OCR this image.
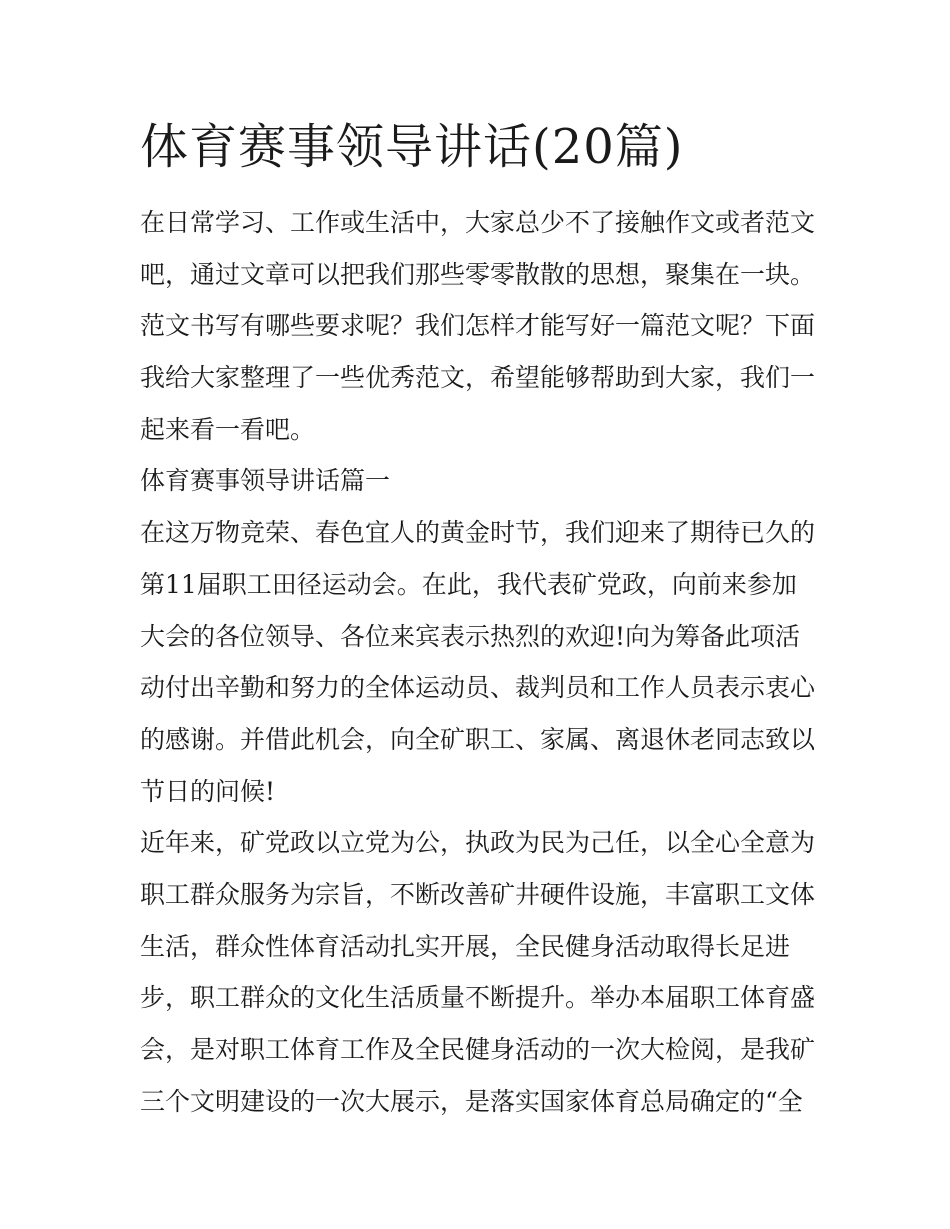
体育赛事领导讲话(20篇)
在日常学习、工作或生活中，大家总少不了接触作文或者范文
吧，通过文章可以把我们那些零零散散的思想，聚集在一块。
范文书写有哪些要求呢？我们怎样才能写好一篇范文呢？下面
我给大家整理了一些优秀范文，希望能够帮助到大家，我们一
起来看一看吧。
体育赛事领导讲话篇一
在这万物竞荣、春色宜人的黄金时节，我们迎来了期待已久的
第11届职工田径运动会。在此，我代表矿党政，向前来参加
大会的各位领导、各位来宾表示热烈的欢迎!向为筹备此项活
动付出辛勤和努力的全体运动员、裁判员和工作人员表示衷心
的感谢。并借此机会，向全矿职工、家属、离退休老同志致以
节日的问候!
近年来，矿党政以立党为公，执政为民为己任，以全心全意为
职工群众服务为宗旨，不断改善矿井硬件设施，丰富职工文体
生活，群众性体育活动扎实开展，全民健身活动取得长足进
步，职工群众的文化生活质量不断提升。举办本届职工体育盛
会，是对职工体育工作及全民健身活动的一次大检阅，是我矿
三个文明建设的一次大展示，是落实国家体育总局确定的“全
